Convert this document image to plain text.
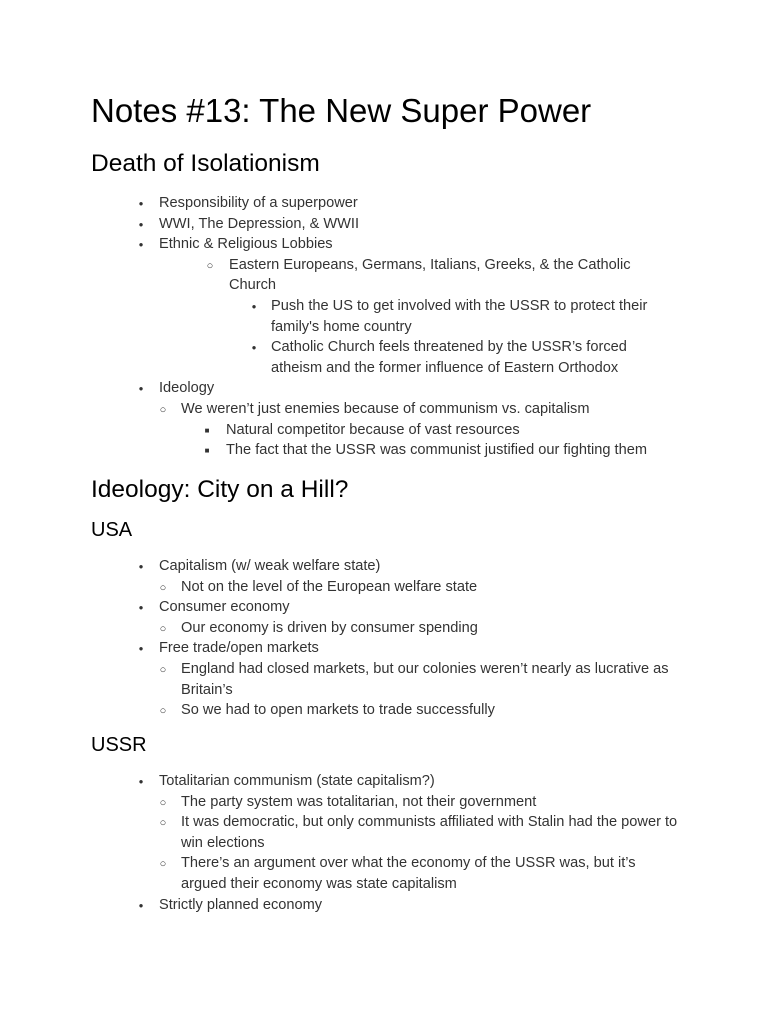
Notes #13: The New Super Power
Death of Isolationism
●
Responsibility of a superpower
●
WWI, The Depression, & WWII
●
Ethnic & Religious Lobbies
○
Eastern Europeans, Germans, Italians, Greeks, & the Catholic Church
●
Push the US to get involved with the USSR to protect their family's home country
●
Catholic Church feels threatened by the USSR’s forced atheism and the former influence of Eastern Orthodox
●
Ideology
○
We weren’t just enemies because of communism vs. capitalism
■
Natural competitor because of vast resources
■
The fact that the USSR was communist justified our fighting them
Ideology: City on a Hill?
USA
●
Capitalism (w/ weak welfare state)
○
Not on the level of the European welfare state
●
Consumer economy
○
Our economy is driven by consumer spending
●
Free trade/open markets
○
England had closed markets, but our colonies weren’t nearly as lucrative as Britain’s
○
So we had to open markets to trade successfully
USSR
●
Totalitarian communism (state capitalism?)
○
The party system was totalitarian, not their government
○
It was democratic, but only communists affiliated with Stalin had the power to win elections
○
There’s an argument over what the economy of the USSR was, but it’s argued their economy was state capitalism
●
Strictly planned economy
